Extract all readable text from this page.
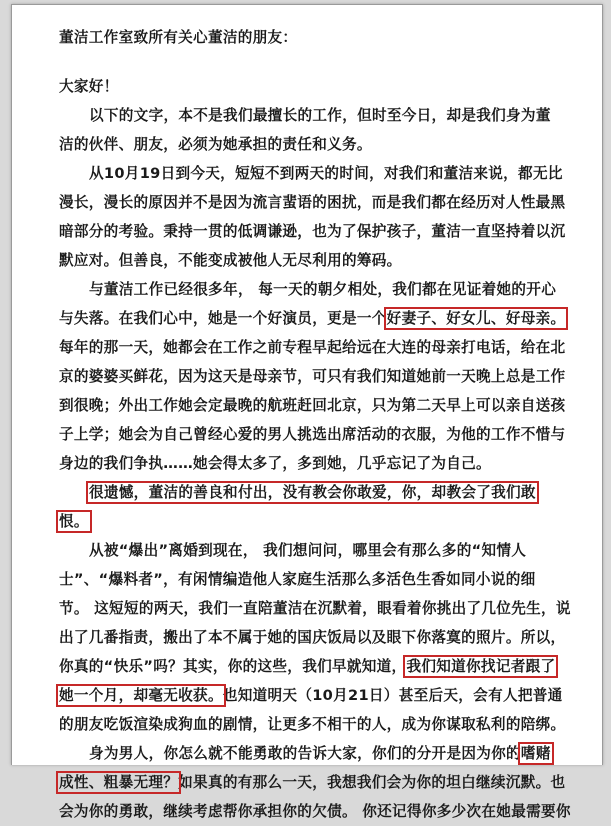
董洁工作室致所有关心董洁的朋友：
大家好！
以下的文字，本不是我们最擅长的工作，但时至今日，却是我们身为董
洁的伙伴、朋友，必须为她承担的责任和义务。
从10月19日到今天，短短不到两天的时间，对我们和董洁来说，都无比
漫长，漫长的原因并不是因为流言蜚语的困扰，而是我们都在经历对人性最黑
暗部分的考验。秉持一贯的低调谦逊，也为了保护孩子，董洁一直坚持着以沉
默应对。但善良，不能变成被他人无尽利用的筹码。
与董洁工作已经很多年， 每一天的朝夕相处，我们都在见证着她的开心
与失落。在我们心中，她是一个好演员，更是一个好妻子、好女儿、好母亲。
每年的那一天，她都会在工作之前专程早起给远在大连的母亲打电话，给在北
京的婆婆买鲜花，因为这天是母亲节，可只有我们知道她前一天晚上总是工作
到很晚；外出工作她会定最晚的航班赶回北京，只为第二天早上可以亲自送孩
子上学；她会为自己曾经心爱的男人挑选出席活动的衣服，为他的工作不惜与
身边的我们争执……她会得太多了，多到她，几乎忘记了为自己。
很遗憾，董洁的善良和付出，没有教会你敢爱，你，却教会了我们敢
恨。
从被“爆出”离婚到现在， 我们想问问，哪里会有那么多的“知情人
士”、“爆料者”，有闲情编造他人家庭生活那么多活色生香如同小说的细
节。 这短短的两天，我们一直陪董洁在沉默着，眼看着你挑出了几位先生，说
出了几番指责，搬出了本不属于她的国庆饭局以及眼下你落寞的照片。所以，
你真的“快乐”吗？其实，你的这些，我们早就知道，我们知道你找记者跟了
她一个月，却毫无收获。也知道明天（10月21日）甚至后天，会有人把普通
的朋友吃饭渲染成狗血的剧情，让更多不相干的人，成为你谋取私利的陪绑。
身为男人，你怎么就不能勇敢的告诉大家，你们的分开是因为你的嗜赌
成性、粗暴无理？如果真的有那么一天，我想我们会为你的坦白继续沉默。也
会为你的勇敢，继续考虑帮你承担你的欠债。 你还记得你多少次在她最需要你
